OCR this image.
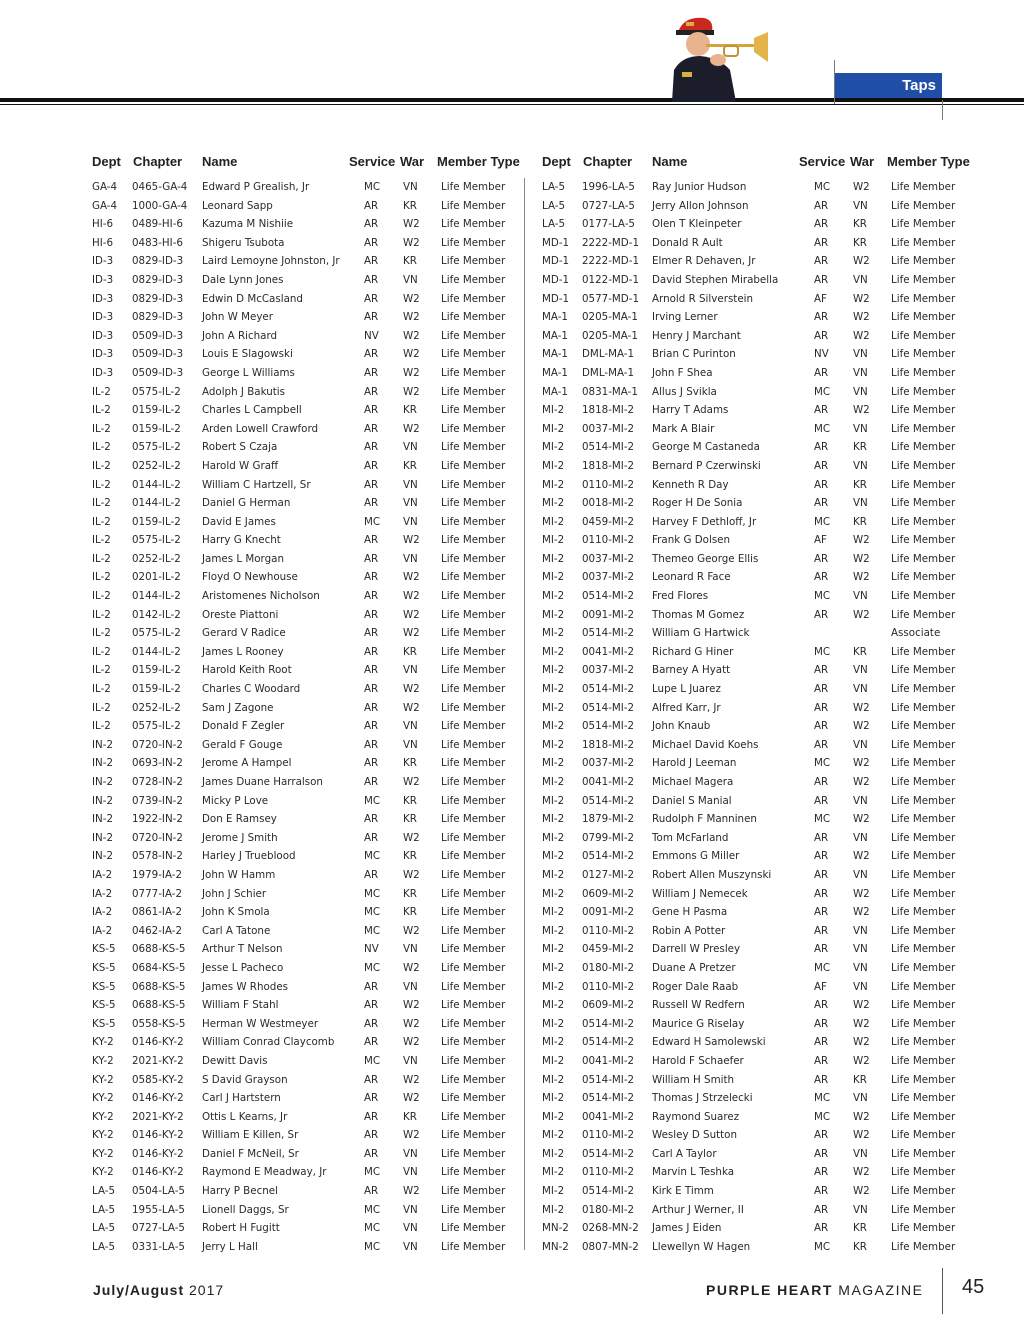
Taps
Dept Chapter Name	Service War Member Type
GA-4 0465-GA-4 Edward P Grealish, Jr	MC VN Life Member
GA-4 1000-GA-4 Leonard Sapp	AR KR Life Member
HI-6 0489-HI-6 Kazuma M Nishiie	AR W2 Life Member
HI-6 0483-HI-6 Shigeru Tsubota	AR W2 Life Member
ID-3 0829-ID-3 Laird Lemoyne Johnston, Jr AR KR Life Member
ID-3 0829-ID-3 Dale Lynn Jones	AR VN Life Member
ID-3 0829-ID-3 Edwin D McCasland	AR W2 Life Member
ID-3 0829-ID-3 John W Meyer	AR W2 Life Member
ID-3 0509-ID-3 John A Richard	NV W2 Life Member
ID-3 0509-ID-3 Louis E Slagowski	AR W2 Life Member
ID-3 0509-ID-3 George L Williams	AR W2 Life Member
IL-2 0575-IL-2 Adolph J Bakutis	AR W2 Life Member
IL-2 0159-IL-2 Charles L Campbell	AR KR Life Member
IL-2 0159-IL-2 Arden Lowell Crawford	AR W2 Life Member
IL-2 0575-IL-2 Robert S Czaja	AR VN Life Member
IL-2 0252-IL-2 Harold W Graff	AR KR Life Member
IL-2 0144-IL-2 William C Hartzell, Sr	AR VN Life Member
IL-2 0144-IL-2 Daniel G Herman	AR VN Life Member
IL-2 0159-IL-2 David E James	MC VN Life Member
IL-2 0575-IL-2 Harry G Knecht	AR W2 Life Member
IL-2 0252-IL-2 James L Morgan	AR VN Life Member
IL-2 0201-IL-2 Floyd O Newhouse	AR W2 Life Member
IL-2 0144-IL-2 Aristomenes Nicholson	AR W2 Life Member
IL-2 0142-IL-2 Oreste Piattoni	AR W2 Life Member
IL-2 0575-IL-2 Gerard V Radice	AR W2 Life Member
IL-2 0144-IL-2 James L Rooney	AR KR Life Member
IL-2 0159-IL-2 Harold Keith Root	AR VN Life Member
IL-2 0159-IL-2 Charles C Woodard	AR W2 Life Member
IL-2 0252-IL-2 Sam J Zagone	AR W2 Life Member
IL-2 0575-IL-2 Donald F Zegler	AR VN Life Member
IN-2 0720-IN-2 Gerald F Gouge	AR VN Life Member
IN-2 0693-IN-2 Jerome A Hampel	AR KR Life Member
IN-2 0728-IN-2 James Duane Harralson	AR W2 Life Member
IN-2 0739-IN-2 Micky P Love	MC KR Life Member
IN-2 1922-IN-2 Don E Ramsey	AR KR Life Member
IN-2 0720-IN-2 Jerome J Smith	AR W2 Life Member
IN-2 0578-IN-2 Harley J Trueblood	MC KR Life Member
IA-2 1979-IA-2 John W Hamm	AR W2 Life Member
IA-2 0777-IA-2 John J Schier	MC KR Life Member
IA-2 0861-IA-2 John K Smola	MC KR Life Member
IA-2 0462-IA-2 Carl A Tatone	MC W2 Life Member
KS-5 0688-KS-5 Arthur T Nelson	NV VN Life Member
KS-5 0684-KS-5 Jesse L Pacheco	MC W2 Life Member
KS-5 0688-KS-5 James W Rhodes	AR VN Life Member
KS-5 0688-KS-5 William F Stahl	AR W2 Life Member
KS-5 0558-KS-5 Herman W Westmeyer	AR W2 Life Member
KY-2 0146-KY-2 William Conrad Claycomb	AR W2 Life Member
KY-2 2021-KY-2 Dewitt Davis	MC VN Life Member
KY-2 0585-KY-2 S David Grayson	AR W2 Life Member
KY-2 0146-KY-2 Carl J Hartstern	AR W2 Life Member
KY-2 2021-KY-2 Ottis L Kearns, Jr	AR KR Life Member
KY-2 0146-KY-2 William E Killen, Sr	AR W2 Life Member
KY-2 0146-KY-2 Daniel F McNeil, Sr	AR VN Life Member
KY-2 0146-KY-2 Raymond E Meadway, Jr	MC VN Life Member
LA-5 0504-LA-5 Harry P Becnel	AR W2 Life Member
LA-5 1955-LA-5 Lionell Daggs, Sr	MC VN Life Member
LA-5 0727-LA-5 Robert H Fugitt	MC VN Life Member
LA-5 0331-LA-5 Jerry L Hall	MC VN Life Member
Dept Chapter Name	Service War Member Type
LA-5 1996-LA-5 Ray Junior Hudson	MC W2 Life Member
LA-5 0727-LA-5 Jerry Allon Johnson	AR VN Life Member
LA-5 0177-LA-5 Olen T Kleinpeter	AR KR Life Member
MD-1 2222-MD-1 Donald R Ault	AR KR Life Member
MD-1 2222-MD-1 Elmer R Dehaven, Jr	AR W2 Life Member
MD-1 0122-MD-1 David Stephen Mirabella	AR VN Life Member
MD-1 0577-MD-1 Arnold R Silverstein	AF	W2 Life Member
MA-1 0205-MA-1 Irving Lerner	AR W2 Life Member
MA-1 0205-MA-1 Henry J Marchant	AR W2 Life Member
MA-1 DML-MA-1 Brian C Purinton	NV VN Life Member
MA-1 DML-MA-1 John F Shea	AR VN Life Member
MA-1 0831-MA-1 Allus J Svikla	MC VN Life Member
MI-2 1818-MI-2 Harry T Adams	AR W2 Life Member
MI-2 0037-MI-2 Mark A Blair	MC VN Life Member
MI-2 0514-MI-2 George M Castaneda	AR KR Life Member
MI-2 1818-MI-2 Bernard P Czerwinski	AR VN Life Member
MI-2 0110-MI-2 Kenneth R Day	AR KR Life Member
MI-2 0018-MI-2 Roger H De Sonia	AR VN Life Member
MI-2 0459-MI-2 Harvey F Dethloff, Jr	MC KR Life Member
MI-2 0110-MI-2 Frank G Dolsen	AF	W2 Life Member
MI-2 0037-MI-2 Themeo George Ellis	AR W2 Life Member
MI-2 0037-MI-2 Leonard R Face	AR W2 Life Member
MI-2 0514-MI-2 Fred Flores	MC VN Life Member
MI-2 0091-MI-2 Thomas M Gomez	AR W2 Life Member
MI-2 0514-MI-2 William G Hartwick	Associate
MI-2 0041-MI-2 Richard G Hiner	MC KR Life Member
MI-2 0037-MI-2 Barney A Hyatt	AR VN Life Member
MI-2 0514-MI-2 Lupe L Juarez	AR VN Life Member
MI-2 0514-MI-2 Alfred Karr, Jr	AR W2 Life Member
MI-2 0514-MI-2 John Knaub	AR W2 Life Member
MI-2 1818-MI-2 Michael David Koehs	AR VN Life Member
MI-2 0037-MI-2 Harold J Leeman	MC W2 Life Member
MI-2 0041-MI-2 Michael Magera	AR W2 Life Member
MI-2 0514-MI-2 Daniel S Manial	AR VN Life Member
MI-2 1879-MI-2 Rudolph F Manninen	MC W2 Life Member
MI-2 0799-MI-2 Tom McFarland	AR VN Life Member
MI-2 0514-MI-2 Emmons G Miller	AR W2 Life Member
MI-2 0127-MI-2 Robert Allen Muszynski	AR VN Life Member
MI-2 0609-MI-2 William J Nemecek	AR W2 Life Member
MI-2 0091-MI-2 Gene H Pasma	AR W2 Life Member
MI-2 0110-MI-2 Robin A Potter	AR VN Life Member
MI-2 0459-MI-2 Darrell W Presley	AR VN Life Member
MI-2 0180-MI-2 Duane A Pretzer	MC VN Life Member
MI-2 0110-MI-2 Roger Dale Raab	AF	VN Life Member
MI-2 0609-MI-2 Russell W Redfern	AR W2 Life Member
MI-2 0514-MI-2 Maurice G Riselay	AR W2 Life Member
MI-2 0514-MI-2 Edward H Samolewski	AR W2 Life Member
MI-2 0041-MI-2 Harold F Schaefer	AR W2 Life Member
MI-2 0514-MI-2 William H Smith	AR KR Life Member
MI-2 0514-MI-2 Thomas J Strzelecki	MC VN Life Member
MI-2 0041-MI-2 Raymond Suarez	MC W2 Life Member
MI-2 0110-MI-2 Wesley D Sutton	AR W2 Life Member
MI-2 0514-MI-2 Carl A Taylor	AR VN Life Member
MI-2 0110-MI-2 Marvin L Teshka	AR W2 Life Member
MI-2 0514-MI-2 Kirk E Timm	AR W2 Life Member
MI-2 0180-MI-2 Arthur J Werner, II	AR VN Life Member
MN-2 0268-MN-2 James J Eiden	AR KR Life Member
MN-2 0807-MN-2 Llewellyn W Hagen	MC KR Life Member
July/August 2017	PURPLE HEART MAGAZINE 45
